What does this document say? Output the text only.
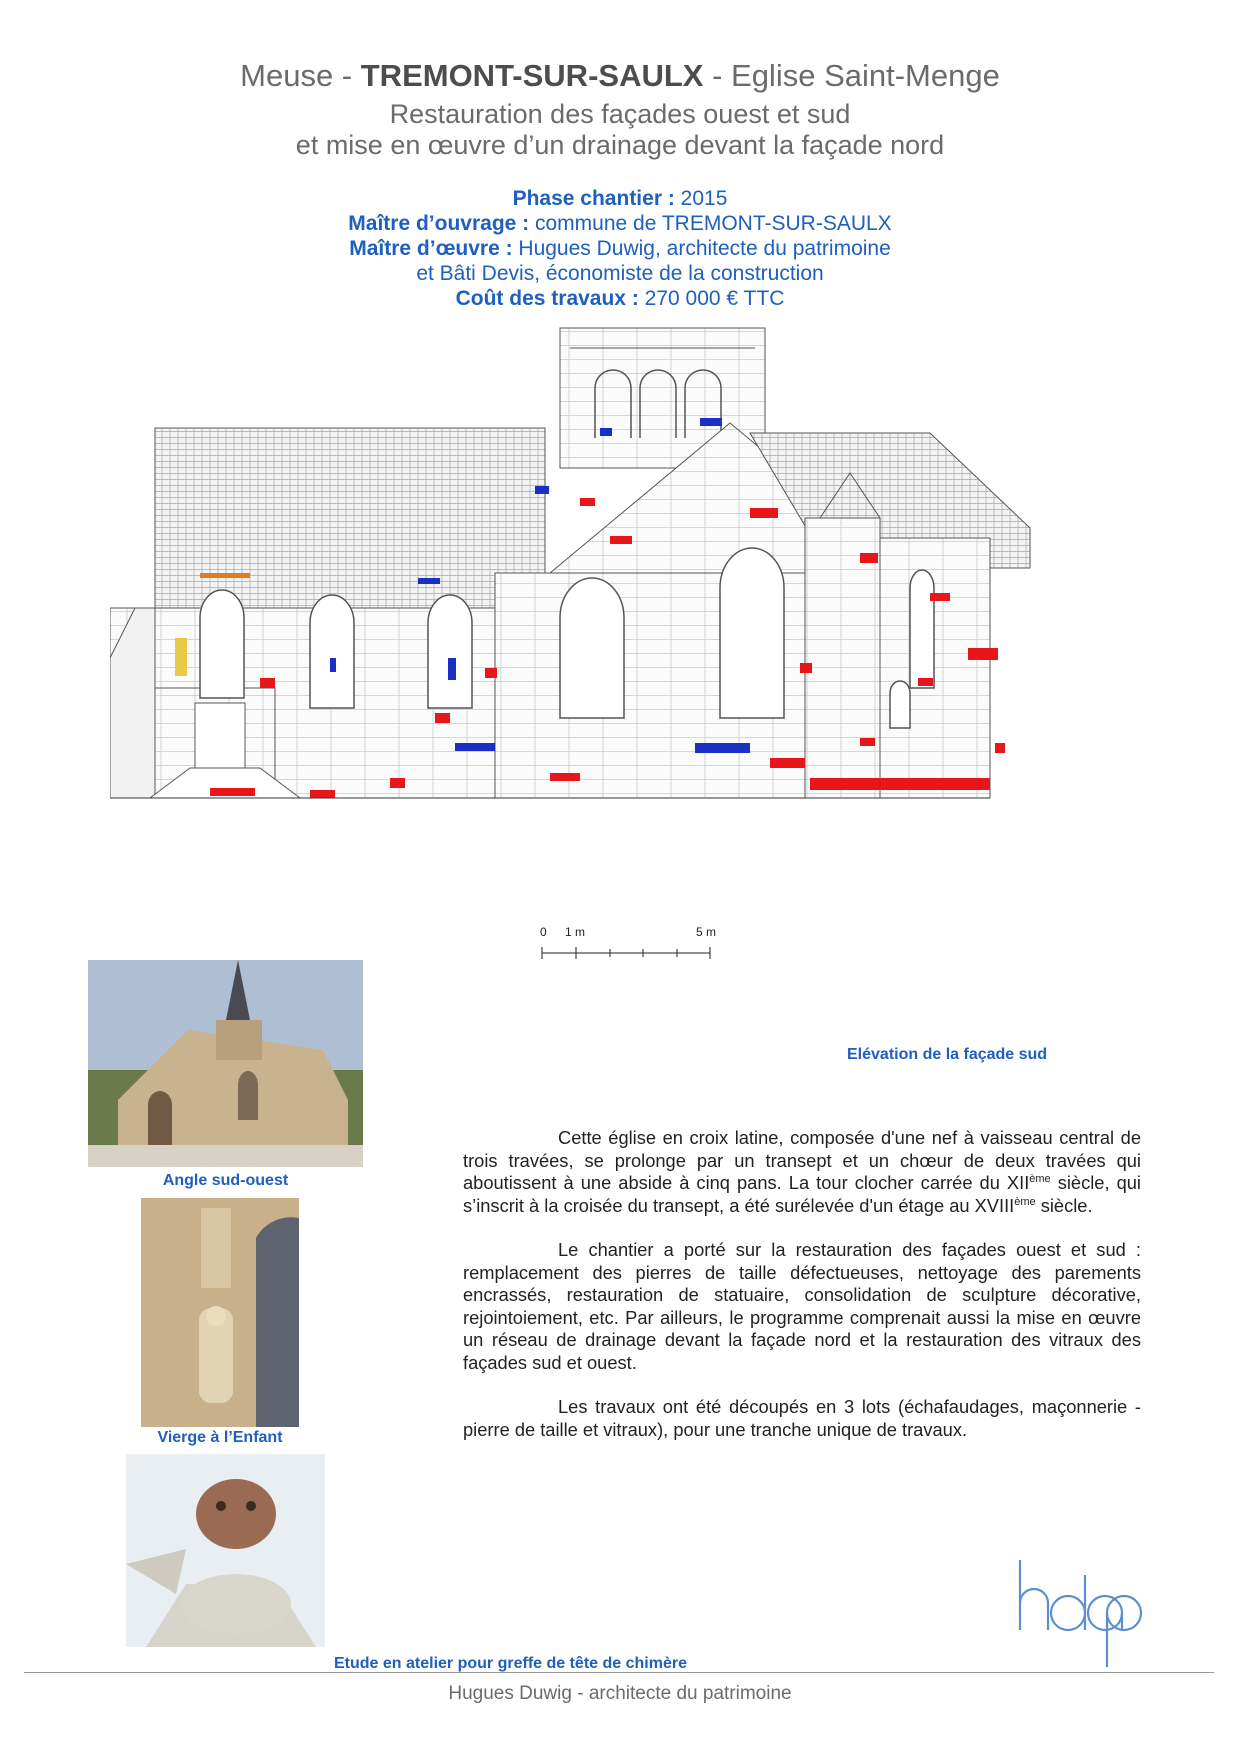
Meuse - TREMONT-SUR-SAULX - Eglise Saint-Menge
Restauration des façades ouest et sud
et mise en œuvre d’un drainage devant la façade nord
Phase chantier : 2015
Maître d’ouvrage : commune de TREMONT-SUR-SAULX
Maître d’œuvre : Hugues Duwig, architecte du patrimoine
et Bâti Devis, économiste de la construction
Coût des travaux : 270 000 € TTC
0 1 m	5 m
Angle sud-ouest
Vierge à l’Enfant
Etude en atelier pour greffe de tête de chimère
Elévation de la façade sud

Cette église en croix latine, composée d'une nef à vaisseau central de trois travées, se prolonge par un transept et un chœur de deux travées qui aboutissent à une abside à cinq pans. La tour clocher carrée du XIIème siècle, qui s’inscrit à la croisée du transept, a été surélevée d'un étage au XVIIIème siècle.

Le chantier a porté sur la restauration des façades ouest et sud : remplacement des pierres de taille défectueuses, nettoyage des parements encrassés, restauration de statuaire, consolidation de sculpture décorative, rejointoiement, etc. Par ailleurs, le programme comprenait aussi la mise en œuvre un réseau de drainage devant la façade nord et la restauration des vitraux des façades sud et ouest.

Les travaux ont été découpés en 3 lots (échafaudages, maçonnerie - pierre de taille et vitraux), pour une tranche unique de travaux.

Hugues Duwig - architecte du patrimoine
